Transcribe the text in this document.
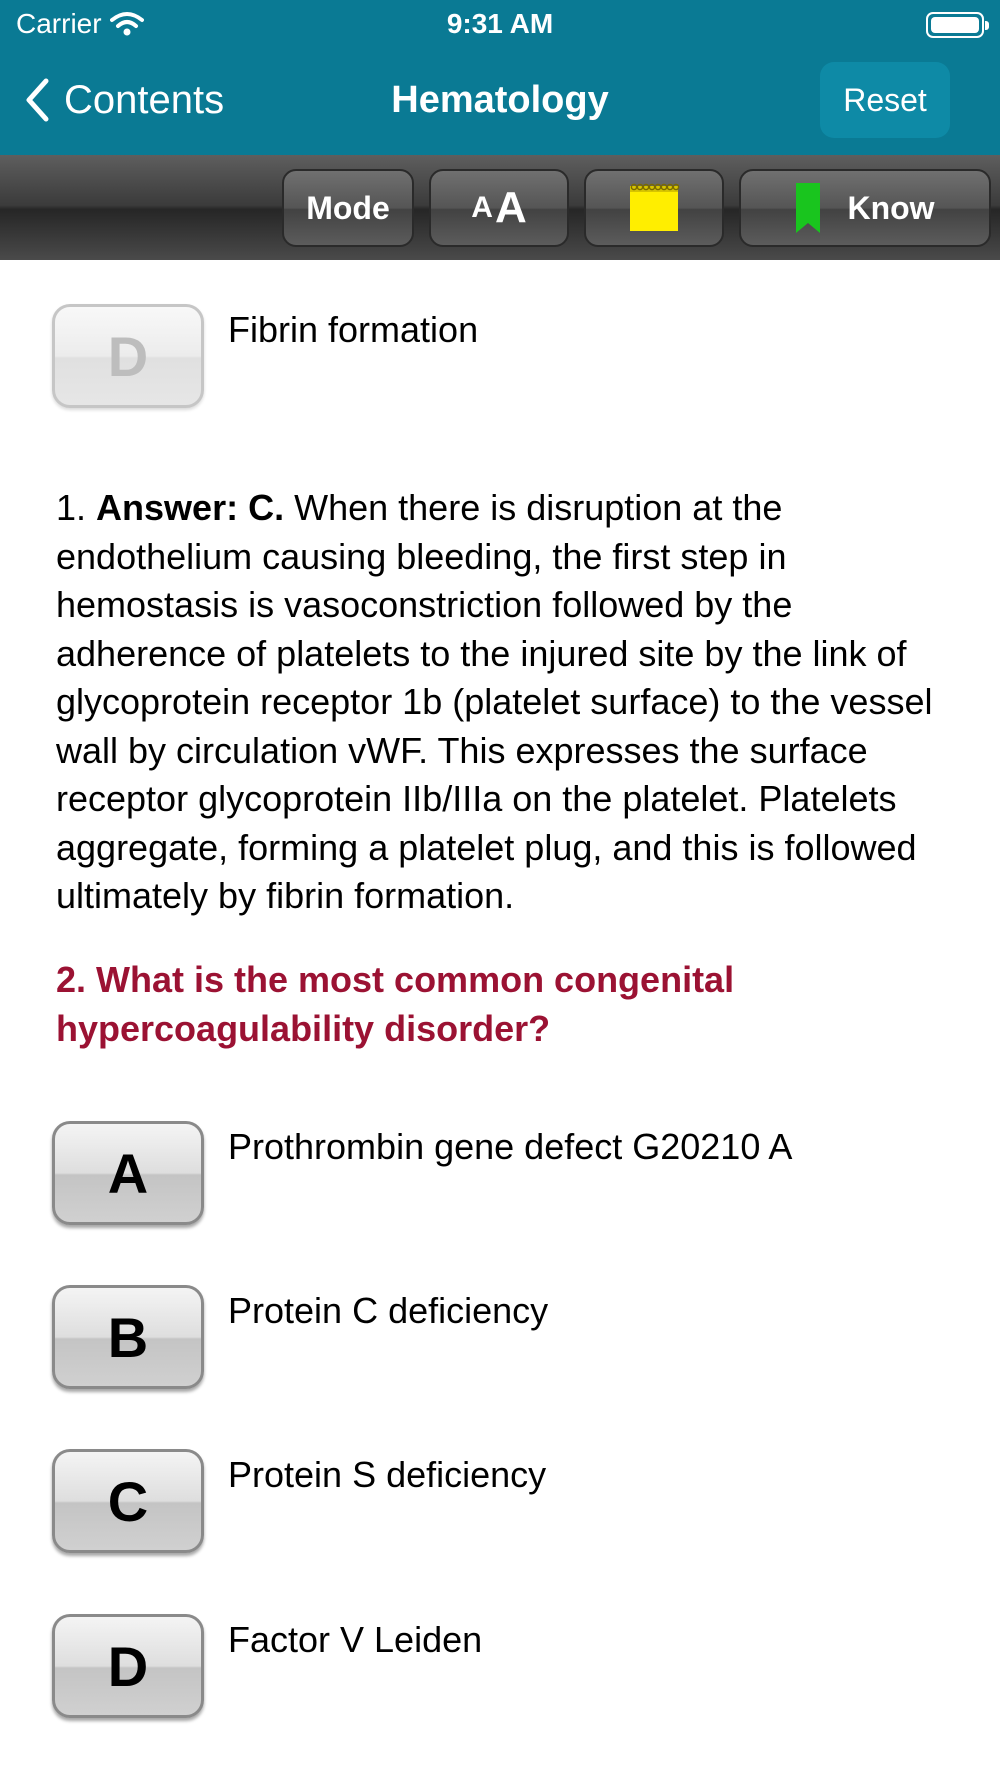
Carrier	9:31 AM
Contents	Hematology	Reset
Mode	A A	Know
D	Fibrin formation
1. Answer: C. When there is disruption at the endothelium causing bleeding, the first step in hemostasis is vasoconstriction followed by the adherence of platelets to the injured site by the link of glycoprotein receptor 1b (platelet surface) to the vessel wall by circulation vWF. This expresses the surface receptor glycoprotein IIb/IIIa on the platelet. Platelets aggregate, forming a platelet plug, and this is followed ultimately by fibrin formation.
2. What is the most common congenital hypercoagulability disorder?
A	Prothrombin gene defect G20210 A
B	Protein C deficiency
C	Protein S deficiency
D	Factor V Leiden
